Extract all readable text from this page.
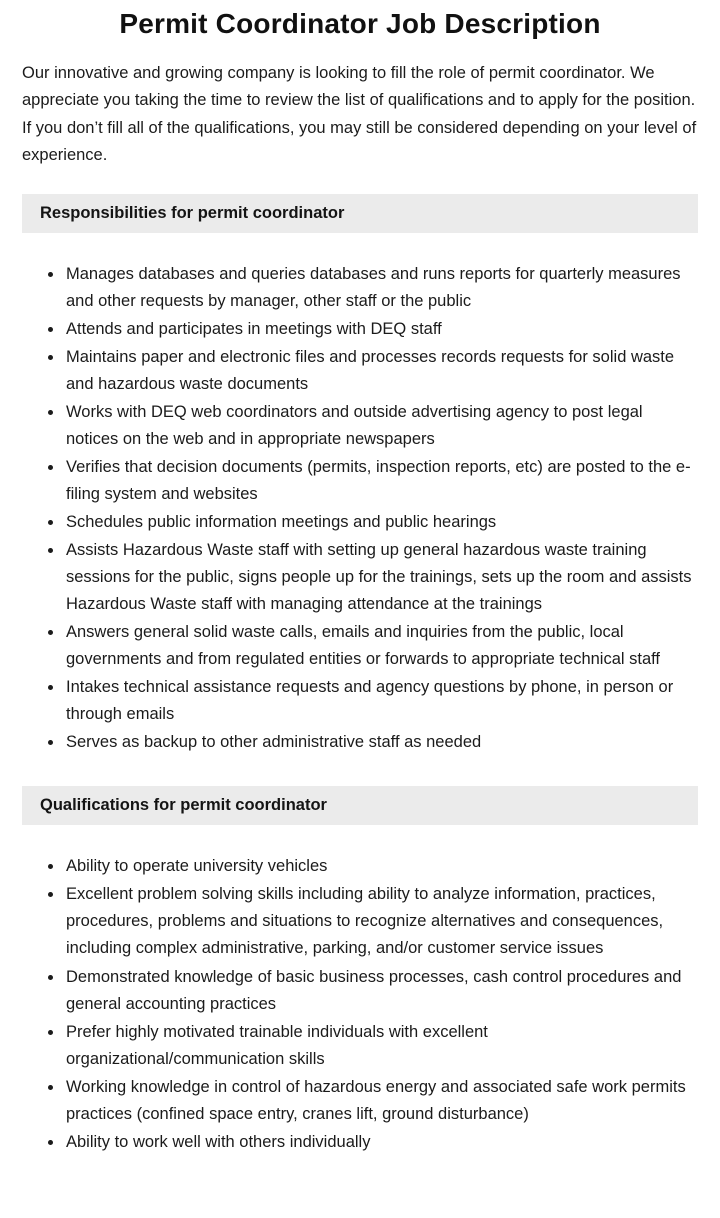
Permit Coordinator Job Description

Our innovative and growing company is looking to fill the role of permit coordinator. We appreciate you taking the time to review the list of qualifications and to apply for the position. If you don’t fill all of the qualifications, you may still be considered depending on your level of experience.

Responsibilities for permit coordinator
• Manages databases and queries databases and runs reports for quarterly measures and other requests by manager, other staff or the public
• Attends and participates in meetings with DEQ staff
• Maintains paper and electronic files and processes records requests for solid waste and hazardous waste documents
• Works with DEQ web coordinators and outside advertising agency to post legal notices on the web and in appropriate newspapers
• Verifies that decision documents (permits, inspection reports, etc) are posted to the e-filing system and websites
• Schedules public information meetings and public hearings
• Assists Hazardous Waste staff with setting up general hazardous waste training sessions for the public, signs people up for the trainings, sets up the room and assists Hazardous Waste staff with managing attendance at the trainings
• Answers general solid waste calls, emails and inquiries from the public, local governments and from regulated entities or forwards to appropriate technical staff
• Intakes technical assistance requests and agency questions by phone, in person or through emails
• Serves as backup to other administrative staff as needed
Qualifications for permit coordinator
• Ability to operate university vehicles
• Excellent problem solving skills including ability to analyze information, practices, procedures, problems and situations to recognize alternatives and consequences, including complex administrative, parking, and/or customer service issues
• Demonstrated knowledge of basic business processes, cash control procedures and general accounting practices
• Prefer highly motivated trainable individuals with excellent organizational/communication skills
• Working knowledge in control of hazardous energy and associated safe work permits practices (confined space entry, cranes lift, ground disturbance)
• Ability to work well with others individually
